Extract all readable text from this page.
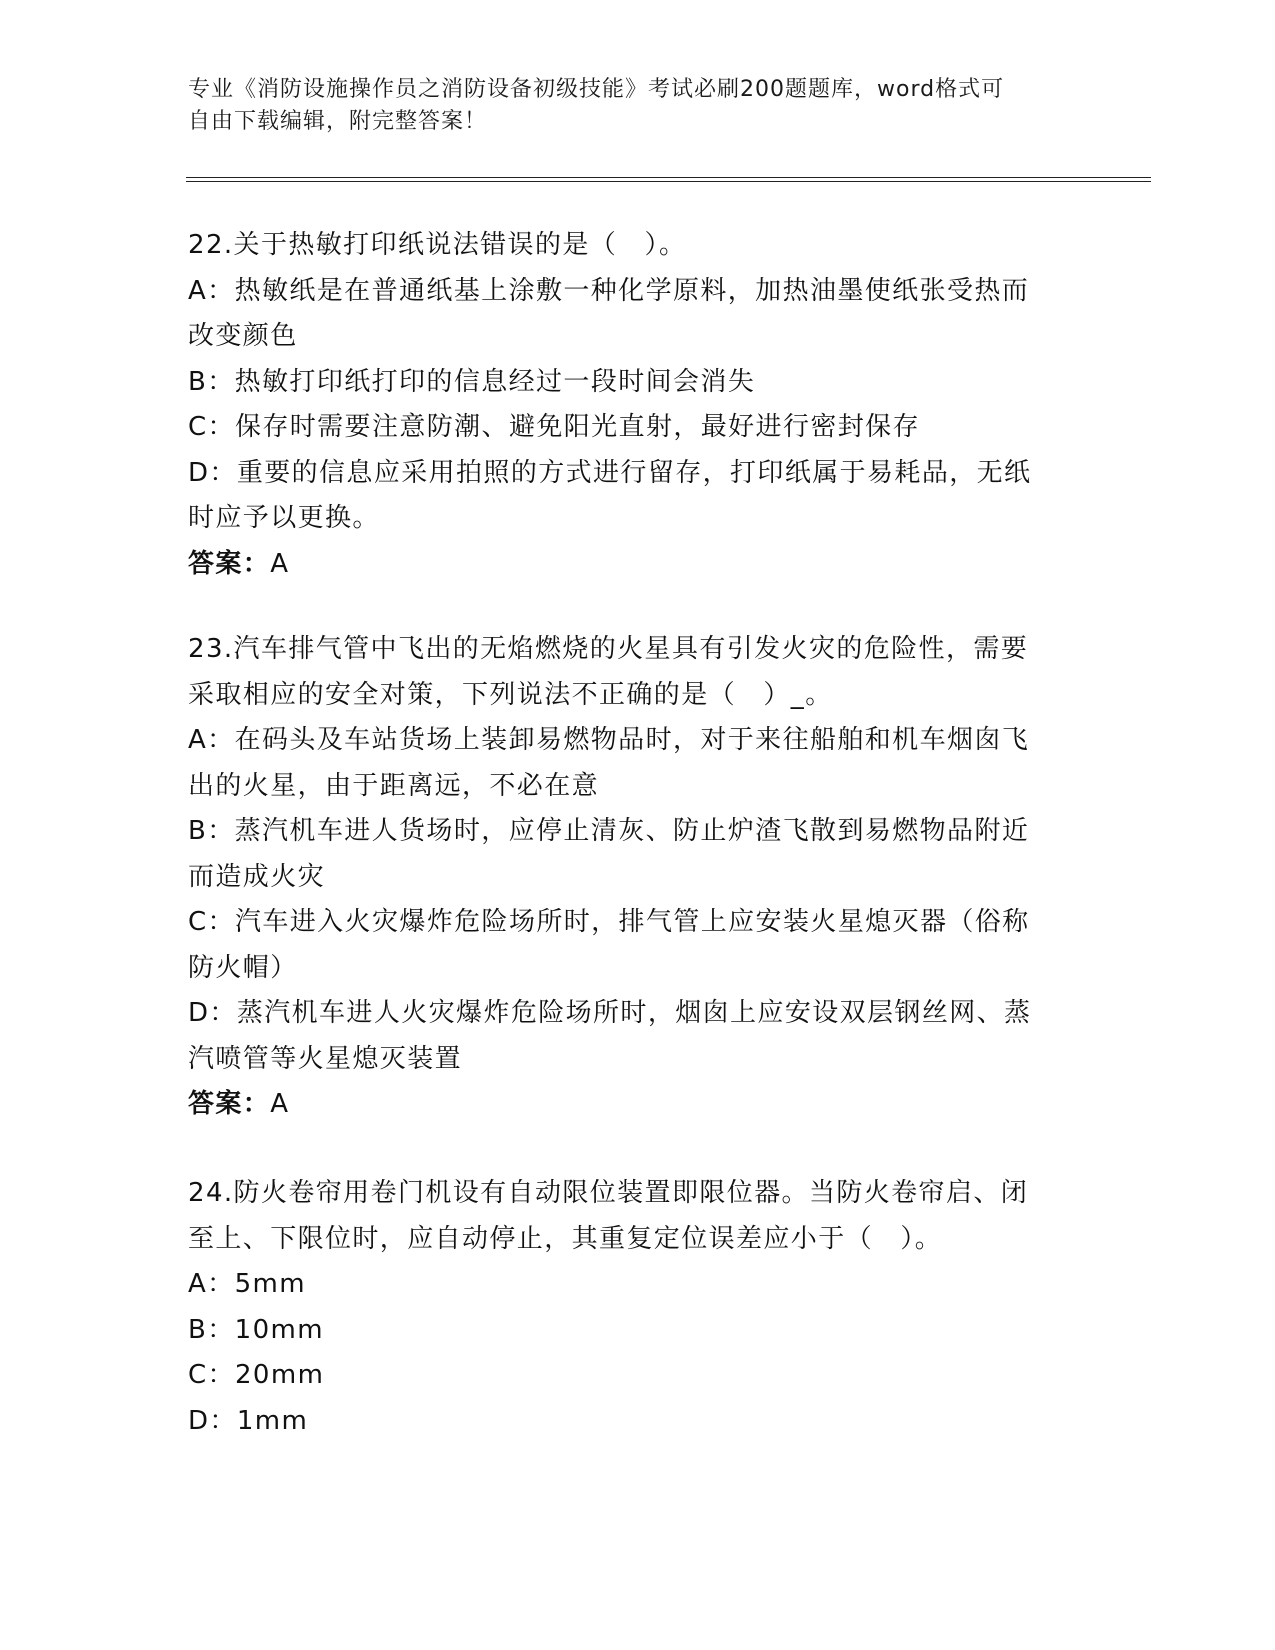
专业《消防设施操作员之消防设备初级技能》考试必刷200题题库，word格式可
自由下载编辑，附完整答案！

22.关于热敏打印纸说法错误的是（　）。

A：热敏纸是在普通纸基上涂敷一种化学原料，加热油墨使纸张受热而

改变颜色

B：热敏打印纸打印的信息经过一段时间会消失

C：保存时需要注意防潮、避免阳光直射，最好进行密封保存

D：重要的信息应采用拍照的方式进行留存，打印纸属于易耗品，无纸

时应予以更换。

答案：A

23.汽车排气管中飞出的无焰燃烧的火星具有引发火灾的危险性，需要

采取相应的安全对策，下列说法不正确的是（　）_。

A：在码头及车站货场上装卸易燃物品时，对于来往船舶和机车烟囱飞

出的火星，由于距离远，不必在意

B：蒸汽机车进人货场时，应停止清灰、防止炉渣飞散到易燃物品附近

而造成火灾

C：汽车进入火灾爆炸危险场所时，排气管上应安装火星熄灭器（俗称

防火帽）

D：蒸汽机车进人火灾爆炸危险场所时，烟囱上应安设双层钢丝网、蒸

汽喷管等火星熄灭装置

答案：A

24.防火卷帘用卷门机设有自动限位装置即限位器。当防火卷帘启、闭

至上、下限位时，应自动停止，其重复定位误差应小于（　）。

A：5mm

B：10mm

C：20mm

D：1mm
